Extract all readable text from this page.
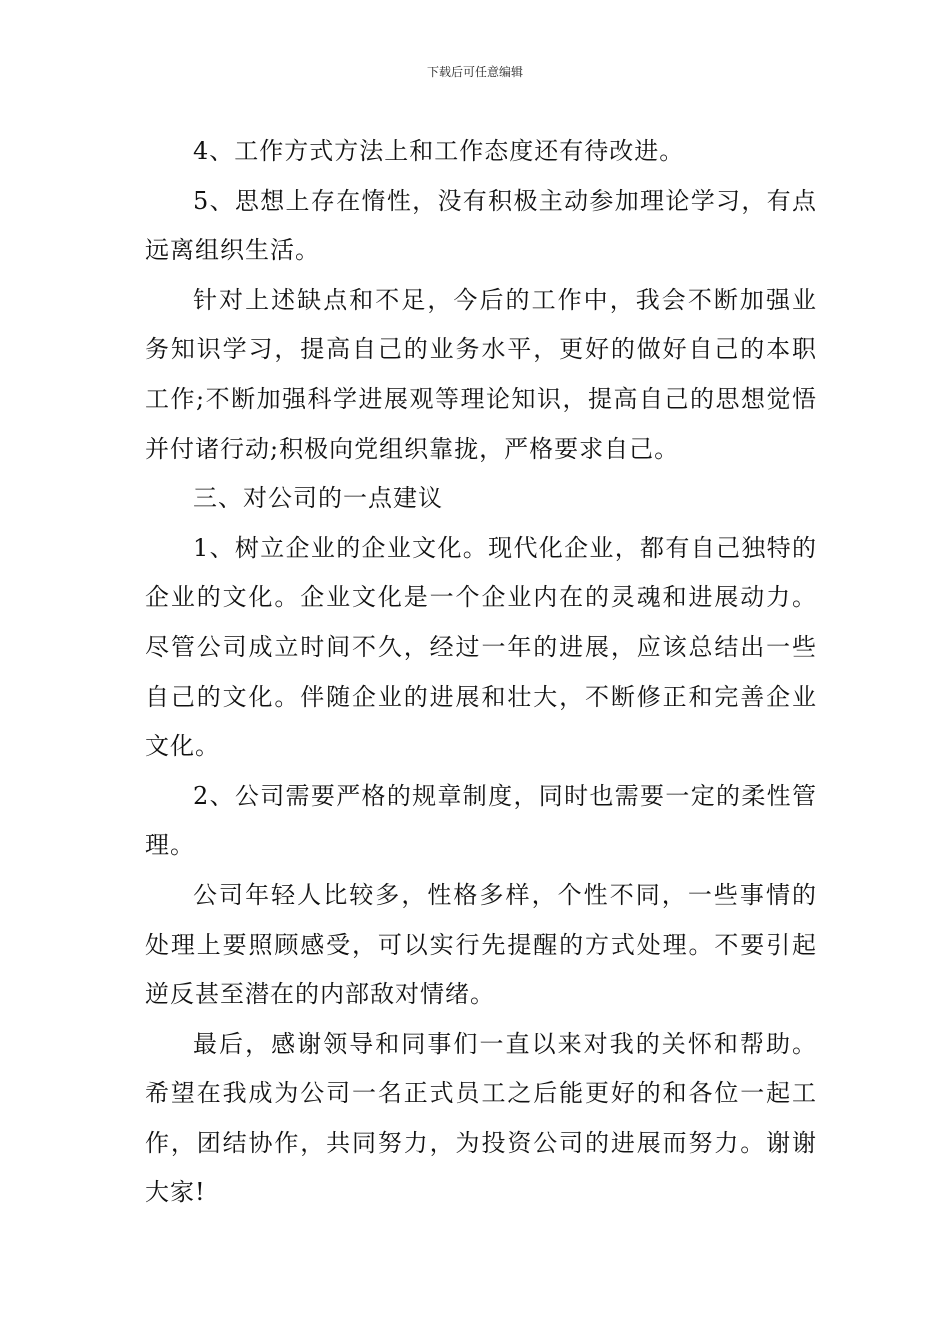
下载后可任意编辑

4、工作方式方法上和工作态度还有待改进。

5、思想上存在惰性，没有积极主动参加理论学习，有点远离组织生活。

针对上述缺点和不足，今后的工作中，我会不断加强业务知识学习，提高自己的业务水平，更好的做好自己的本职工作;不断加强科学进展观等理论知识，提高自己的思想觉悟并付诸行动;积极向党组织靠拢，严格要求自己。

三、对公司的一点建议

1、树立企业的企业文化。现代化企业，都有自己独特的企业的文化。企业文化是一个企业内在的灵魂和进展动力。尽管公司成立时间不久，经过一年的进展，应该总结出一些自己的文化。伴随企业的进展和壮大，不断修正和完善企业文化。

2、公司需要严格的规章制度，同时也需要一定的柔性管理。

公司年轻人比较多，性格多样，个性不同，一些事情的处理上要照顾感受，可以实行先提醒的方式处理。不要引起逆反甚至潜在的内部敌对情绪。

最后，感谢领导和同事们一直以来对我的关怀和帮助。希望在我成为公司一名正式员工之后能更好的和各位一起工作，团结协作，共同努力，为投资公司的进展而努力。谢谢大家!
